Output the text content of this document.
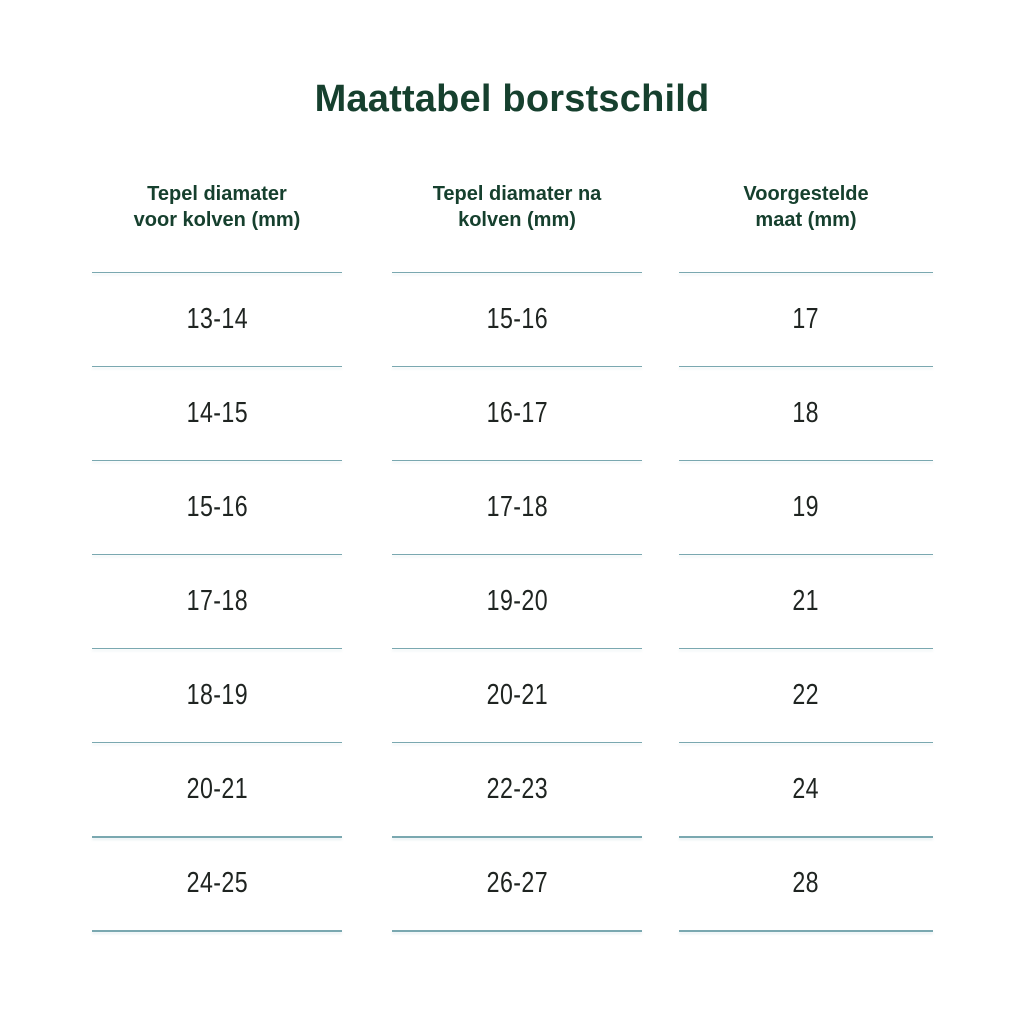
Maattabel borstschild
Tepel diamater
voor kolven (mm)
13-14
14-15
15-16
17-18
18-19
20-21
24-25
Tepel diamater na
kolven (mm)
15-16
16-17
17-18
19-20
20-21
22-23
26-27
Voorgestelde
maat (mm)
17
18
19
21
22
24
28
